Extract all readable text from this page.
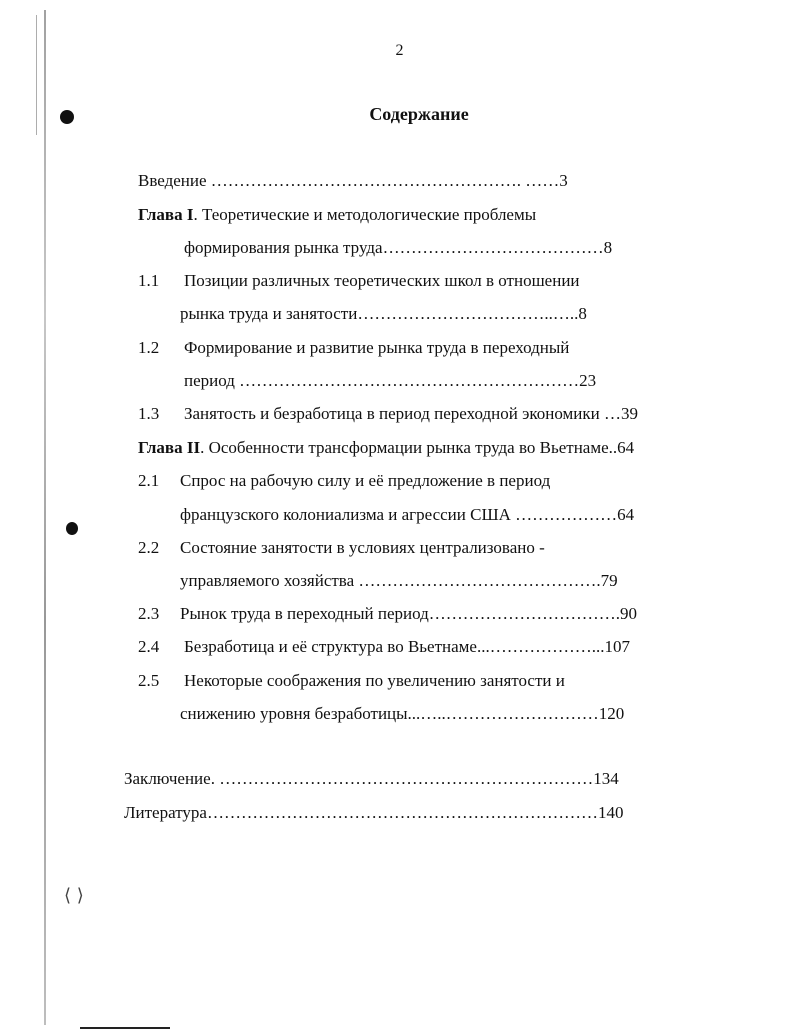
⟨ ⟩
2
Содержание
Введение ………………………………………………. ……3
Глава I. Теоретические и методологические проблемы
формирования рынка труда…………………………………8
1.1 Позиции различных теоретических школ в отношении
рынка труда и занятости……………………………..…..8
1.2 Формирование и развитие рынка труда в переходный
период ……………………………………………………23
1.3 Занятость и безработица в период переходной экономики …39
Глава II. Особенности трансформации рынка труда во Вьетнаме..64
2.1 Спрос на рабочую силу и её предложение в период
французского колониализма и агрессии США ………………64
2.2 Состояние занятости в условиях централизовано -
управляемого хозяйства …………………………………….79
2.3 Рынок труда в переходный период…………………………….90
2.4 Безработица и её структура во Вьетнаме...………………...107
2.5 Некоторые соображения по увеличению занятости и
снижению уровня безработицы...…..………………………120
Заключение. …………………………………………………………134
Литература……………………………………………………………140
